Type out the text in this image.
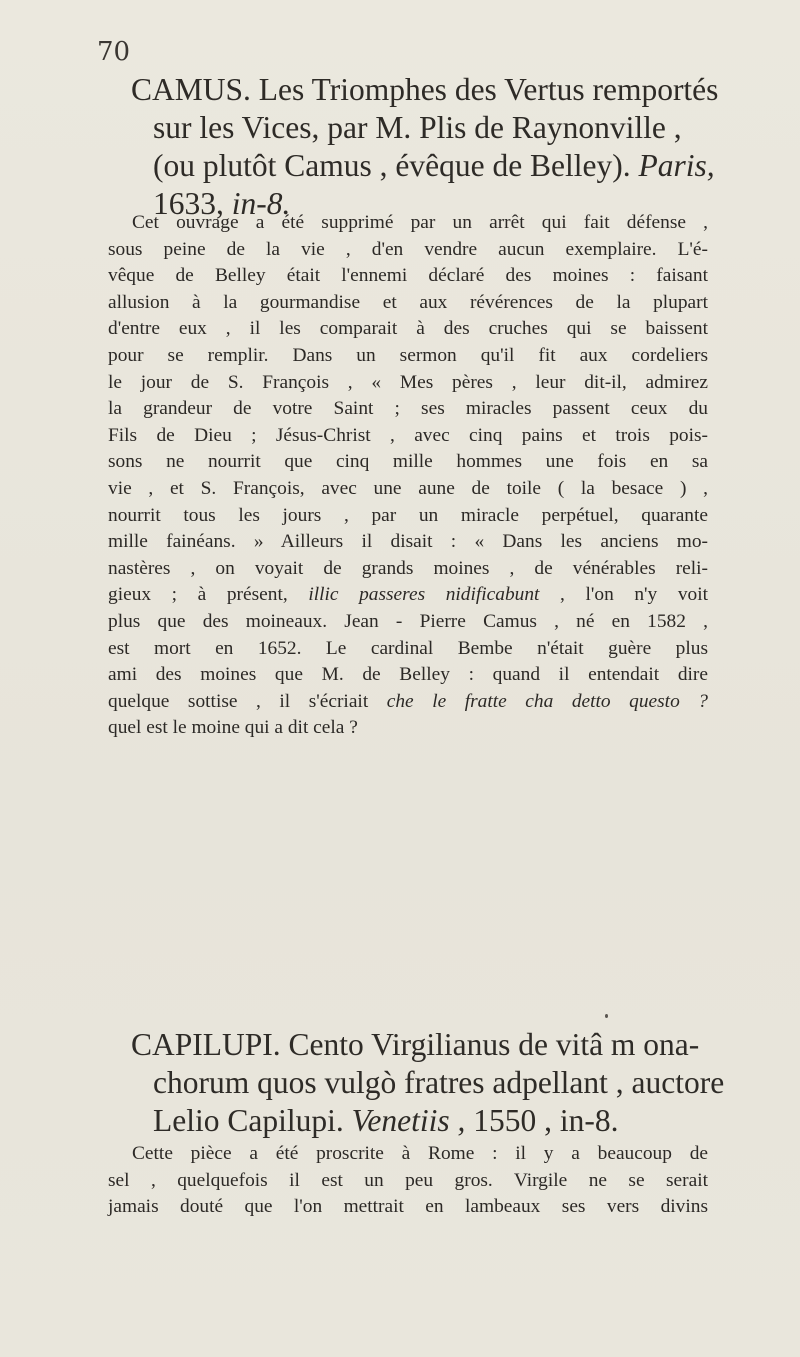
70
CAMUS. Les Triomphes des Vertus remportés
sur les Vices, par M. Plis de Raynonville ,
(ou plutôt Camus , évêque de Belley). Paris,
1633, in-8.
Cet ouvrage a été supprimé par un arrêt qui fait défense ,
sous peine de la vie , d'en vendre aucun exemplaire. L'é-
vêque de Belley était l'ennemi déclaré des moines : faisant
allusion à la gourmandise et aux révérences de la plupart
d'entre eux , il les comparait à des cruches qui se baissent
pour se remplir. Dans un sermon qu'il fit aux cordeliers
le jour de S. François , « Mes pères , leur dit-il, admirez
la grandeur de votre Saint ; ses miracles passent ceux du
Fils de Dieu ; Jésus-Christ , avec cinq pains et trois pois-
sons ne nourrit que cinq mille hommes une fois en sa
vie , et S. François, avec une aune de toile ( la besace ) ,
nourrit tous les jours , par un miracle perpétuel, quarante
mille fainéans. » Ailleurs il disait : « Dans les anciens mo-
nastères , on voyait de grands moines , de vénérables reli-
gieux ; à présent, illic passeres nidificabunt , l'on n'y voit
plus que des moineaux. Jean - Pierre Camus , né en 1582 ,
est mort en 1652. Le cardinal Bembe n'était guère plus
ami des moines que M. de Belley : quand il entendait dire
quelque sottise , il s'écriait che le fratte cha detto questo ?
quel est le moine qui a dit cela ?
CAPILUPI. Cento Virgilianus de vitâ m ona-
chorum quos vulgò fratres adpellant , auctore
Lelio Capilupi. Venetiis , 1550 , in-8.
Cette pièce a été proscrite à Rome : il y a beaucoup de
sel , quelquefois il est un peu gros. Virgile ne se serait
jamais douté que l'on mettrait en lambeaux ses vers divins
